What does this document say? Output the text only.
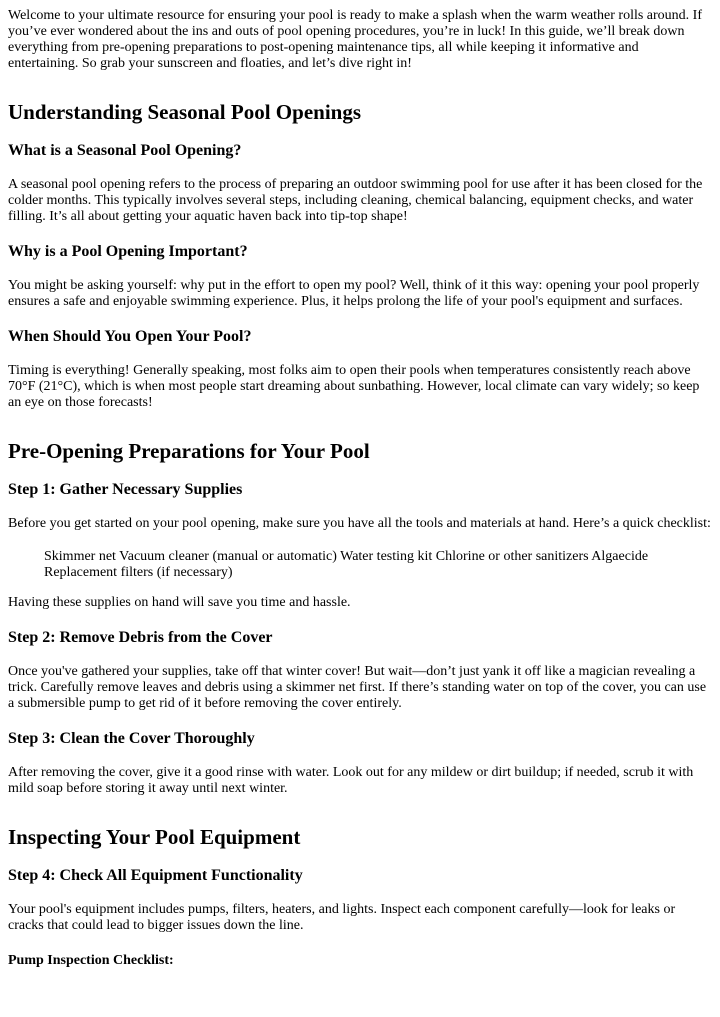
Welcome to your ultimate resource for ensuring your pool is ready to make a splash when the warm weather rolls around. If you’ve ever wondered about the ins and outs of pool opening procedures, you’re in luck! In this guide, we’ll break down everything from pre-opening preparations to post-opening maintenance tips, all while keeping it informative and entertaining. So grab your sunscreen and floaties, and let’s dive right in!

Understanding Seasonal Pool Openings
What is a Seasonal Pool Opening?

A seasonal pool opening refers to the process of preparing an outdoor swimming pool for use after it has been closed for the colder months. This typically involves several steps, including cleaning, chemical balancing, equipment checks, and water filling. It’s all about getting your aquatic haven back into tip-top shape!

Why is a Pool Opening Important?

You might be asking yourself: why put in the effort to open my pool? Well, think of it this way: opening your pool properly ensures a safe and enjoyable swimming experience. Plus, it helps prolong the life of your pool's equipment and surfaces.

When Should You Open Your Pool?

Timing is everything! Generally speaking, most folks aim to open their pools when temperatures consistently reach above 70°F (21°C), which is when most people start dreaming about sunbathing. However, local climate can vary widely; so keep an eye on those forecasts!

Pre-Opening Preparations for Your Pool
Step 1: Gather Necessary Supplies

Before you get started on your pool opening, make sure you have all the tools and materials at hand. Here’s a quick checklist:

Skimmer net Vacuum cleaner (manual or automatic) Water testing kit Chlorine or other sanitizers Algaecide Replacement filters (if necessary)

Having these supplies on hand will save you time and hassle.

Step 2: Remove Debris from the Cover

Once you've gathered your supplies, take off that winter cover! But wait—don’t just yank it off like a magician revealing a trick. Carefully remove leaves and debris using a skimmer net first. If there’s standing water on top of the cover, you can use a submersible pump to get rid of it before removing the cover entirely.

Step 3: Clean the Cover Thoroughly

After removing the cover, give it a good rinse with water. Look out for any mildew or dirt buildup; if needed, scrub it with mild soap before storing it away until next winter.

Inspecting Your Pool Equipment
Step 4: Check All Equipment Functionality

Your pool's equipment includes pumps, filters, heaters, and lights. Inspect each component carefully—look for leaks or cracks that could lead to bigger issues down the line.

Pump Inspection Checklist:
